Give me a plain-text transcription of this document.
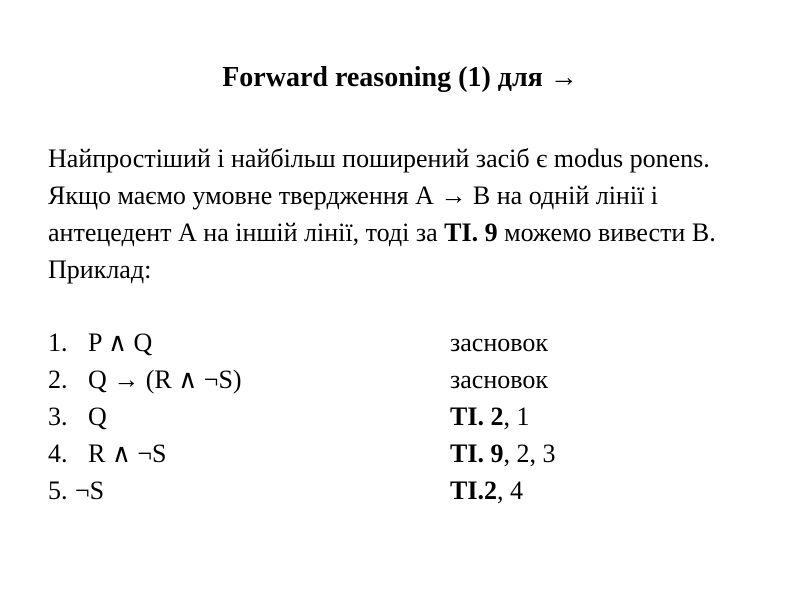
Forward reasoning (1) для →
Найпростіший і найбільш поширений засіб є modus ponens. Якщо маємо умовне твердження А → В на одній лінії і антецедент А на іншій лінії, тоді за TI. 9 можемо вивести В.
Приклад:
1. P ∧ Q	засновок
2. Q → (R ∧ ¬S)	засновок
3. Q	TI. 2, 1
4. R ∧ ¬S	TI. 9, 2, 3
5. ¬S	TI.2, 4
